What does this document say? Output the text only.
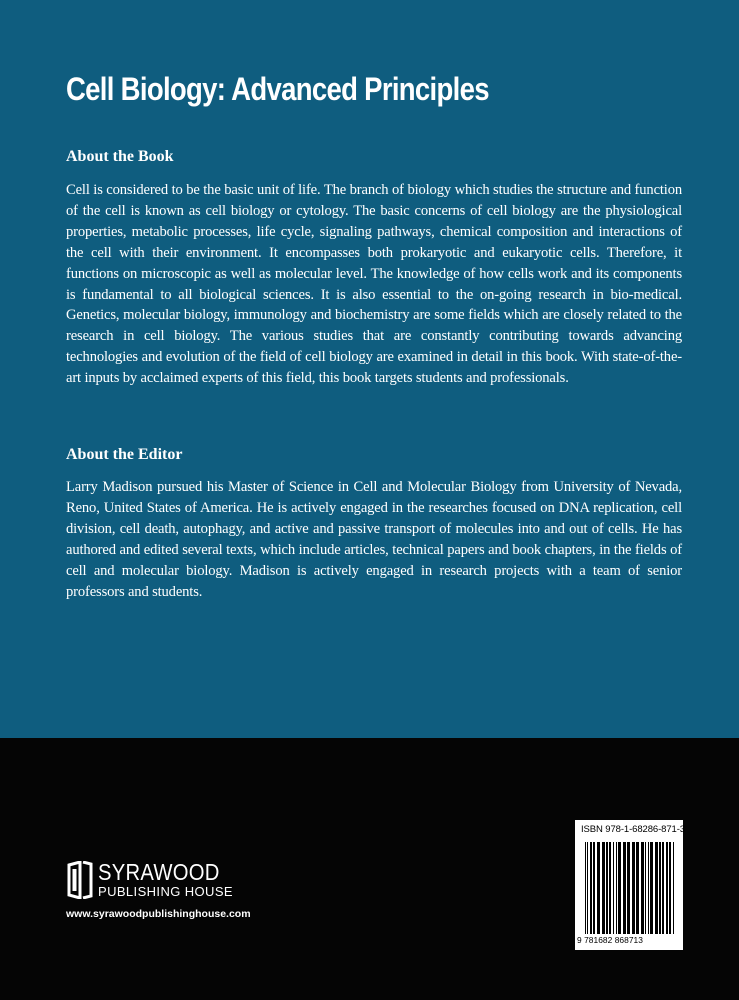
Cell Biology: Advanced Principles
About the Book

Cell is considered to be the basic unit of life. The branch of biology which studies the structure and function of the cell is known as cell biology or cytology. The basic concerns of cell biology are the physiological properties, metabolic processes, life cycle, signaling pathways, chemical composition and interactions of the cell with their environment. It encompasses both prokaryotic and eukaryotic cells. Therefore, it functions on microscopic as well as molecular level. The knowledge of how cells work and its components is fundamental to all biological sciences. It is also essential to the on-going research in bio-medical. Genetics, molecular biology, immunology and biochemistry are some fields which are closely related to the research in cell biology. The various studies that are constantly contributing towards advancing technologies and evolution of the field of cell biology are examined in detail in this book. With state-of-the-art inputs by acclaimed experts of this field, this book targets students and professionals.

About the Editor

Larry Madison pursued his Master of Science in Cell and Molecular Biology from University of Nevada, Reno, United States of America. He is actively engaged in the researches focused on DNA replication, cell division, cell death, autophagy, and active and passive transport of molecules into and out of cells. He has authored and edited several texts, which include articles, technical papers and book chapters, in the fields of cell and molecular biology. Madison is actively engaged in research projects with a team of senior professors and students.

SYRAWOOD
PUBLISHING HOUSE
www.syrawoodpublishinghouse.com
ISBN 978-1-68286-871-3
9 781682 868713
